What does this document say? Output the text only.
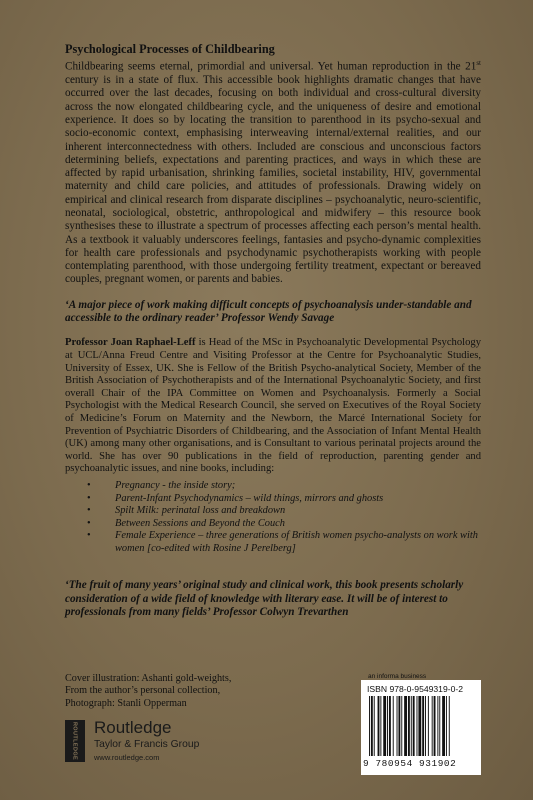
Psychological Processes of Childbearing

Childbearing seems eternal, primordial and universal. Yet human reproduction in the 21st century is in a state of flux. This accessible book highlights dramatic changes that have occurred over the last decades, focusing on both individual and cross-cultural diversity across the now elongated childbearing cycle, and the uniqueness of desire and emotional experience. It does so by locating the transition to parenthood in its psycho-sexual and socio-economic context, emphasising interweaving internal/external realities, and our inherent interconnectedness with others. Included are conscious and unconscious factors determining beliefs, expectations and parenting practices, and ways in which these are affected by rapid urbanisation, shrinking families, societal instability, HIV, governmental maternity and child care policies, and attitudes of professionals. Drawing widely on empirical and clinical research from disparate disciplines – psychoanalytic, neuro-scientific, neonatal, sociological, obstetric, anthropological and midwifery – this resource book synthesises these to illustrate a spectrum of processes affecting each person’s mental health. As a textbook it valuably underscores feelings, fantasies and psycho-dynamic complexities for health care professionals and psychodynamic psychotherapists working with people contemplating parenthood, with those undergoing fertility treatment, expectant or bereaved couples, pregnant women, or parents and babies.

‘A major piece of work making difficult concepts of psychoanalysis under-standable and accessible to the ordinary reader’ Professor Wendy Savage

Professor Joan Raphael-Leff is Head of the MSc in Psychoanalytic Developmental Psychology at UCL/Anna Freud Centre and Visiting Professor at the Centre for Psychoanalytic Studies, University of Essex, UK. She is Fellow of the British Psycho-analytical Society, Member of the British Association of Psychotherapists and of the International Psychoanalytic Society, and first overall Chair of the IPA Committee on Women and Psychoanalysis. Formerly a Social Psychologist with the Medical Research Council, she served on Executives of the Royal Society of Medicine’s Forum on Maternity and the Newborn, the Marcé International Society for Prevention of Psychiatric Disorders of Childbearing, and the Association of Infant Mental Health (UK) among many other organisations, and is Consultant to various perinatal projects around the world. She has over 90 publications in the field of reproduction, parenting gender and psychoanalytic issues, and nine books, including:

• Pregnancy - the inside story;
• Parent-Infant Psychodynamics – wild things, mirrors and ghosts
• Spilt Milk: perinatal loss and breakdown
• Between Sessions and Beyond the Couch
• Female Experience – three generations of British women psycho-analysts on work with women [co-edited with Rosine J Perelberg]

‘The fruit of many years’ original study and clinical work, this book presents scholarly consideration of a wide field of knowledge with literary ease. It will be of interest to professionals from many fields’ Professor Colwyn Trevarthen

Cover illustration: Ashanti gold-weights,
From the author’s personal collection,
Photograph: Stanli Opperman
ROUTLEDGE Routledge
Taylor & Francis Group
www.routledge.com
an informa business
ISBN 978-0-9549319-0-2
9 780954 931902
